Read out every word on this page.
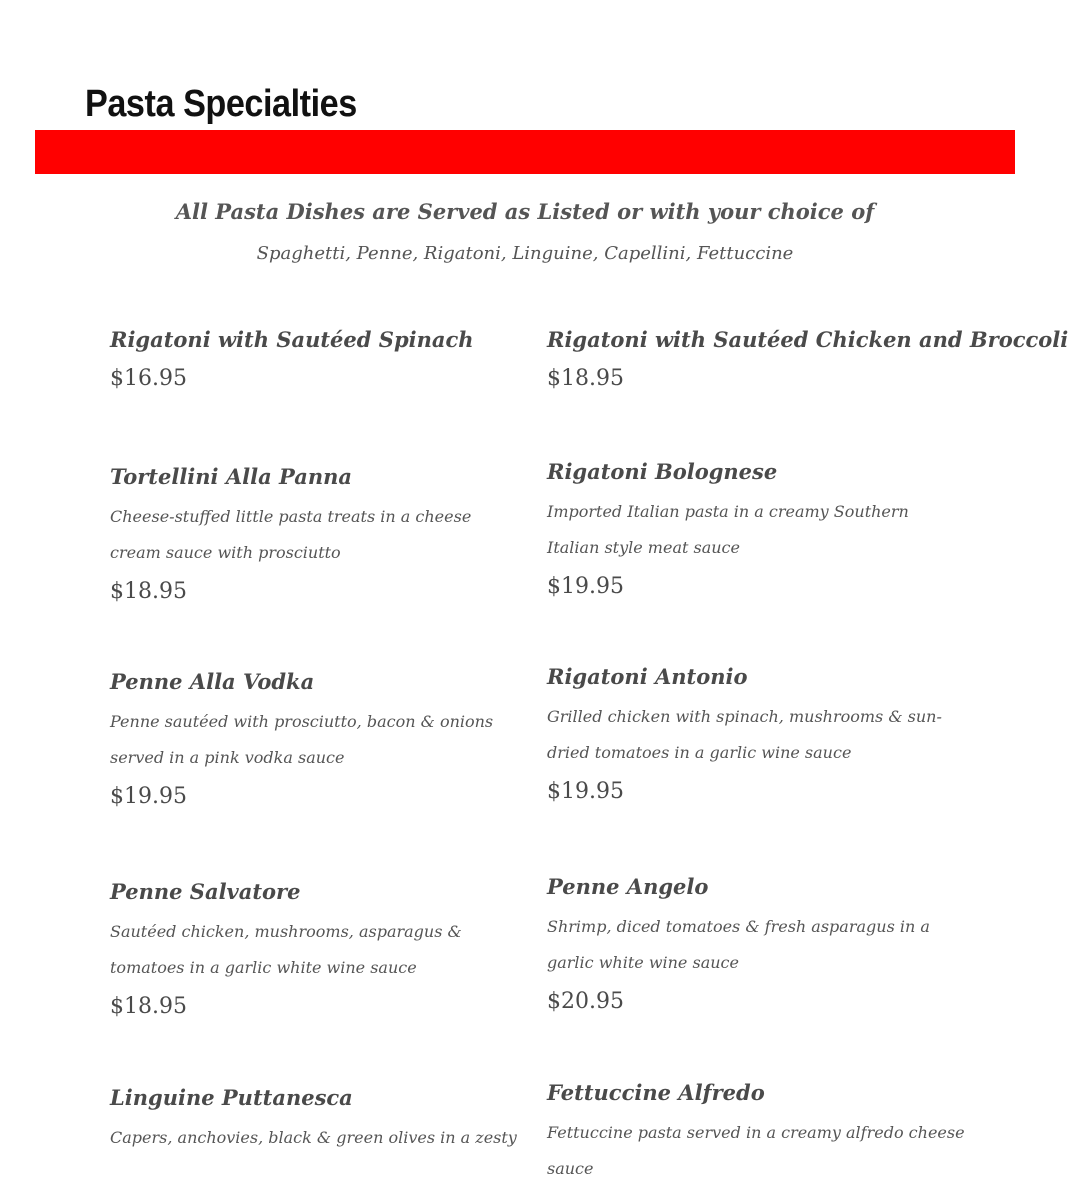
Pasta Specialties

All Pasta Dishes are Served as Listed or with your choice of

Spaghetti, Penne, Rigatoni, Linguine, Capellini, Fettuccine

Rigatoni with Sautéed Spinach

$16.95

Tortellini Alla Panna

Cheese-stuffed little pasta treats in a cheese cream sauce with prosciutto

$18.95

Penne Alla Vodka

Penne sautéed with prosciutto, bacon & onions served in a pink vodka sauce

$19.95

Penne Salvatore

Sautéed chicken, mushrooms, asparagus & tomatoes in a garlic white wine sauce

$18.95

Linguine Puttanesca

Capers, anchovies, black & green olives in a zesty

Rigatoni with Sautéed Chicken and Broccoli

$18.95

Rigatoni Bolognese

Imported Italian pasta in a creamy Southern Italian style meat sauce

$19.95

Rigatoni Antonio

Grilled chicken with spinach, mushrooms & sun-dried tomatoes in a garlic wine sauce

$19.95

Penne Angelo

Shrimp, diced tomatoes & fresh asparagus in a garlic white wine sauce

$20.95

Fettuccine Alfredo

Fettuccine pasta served in a creamy alfredo cheese sauce
